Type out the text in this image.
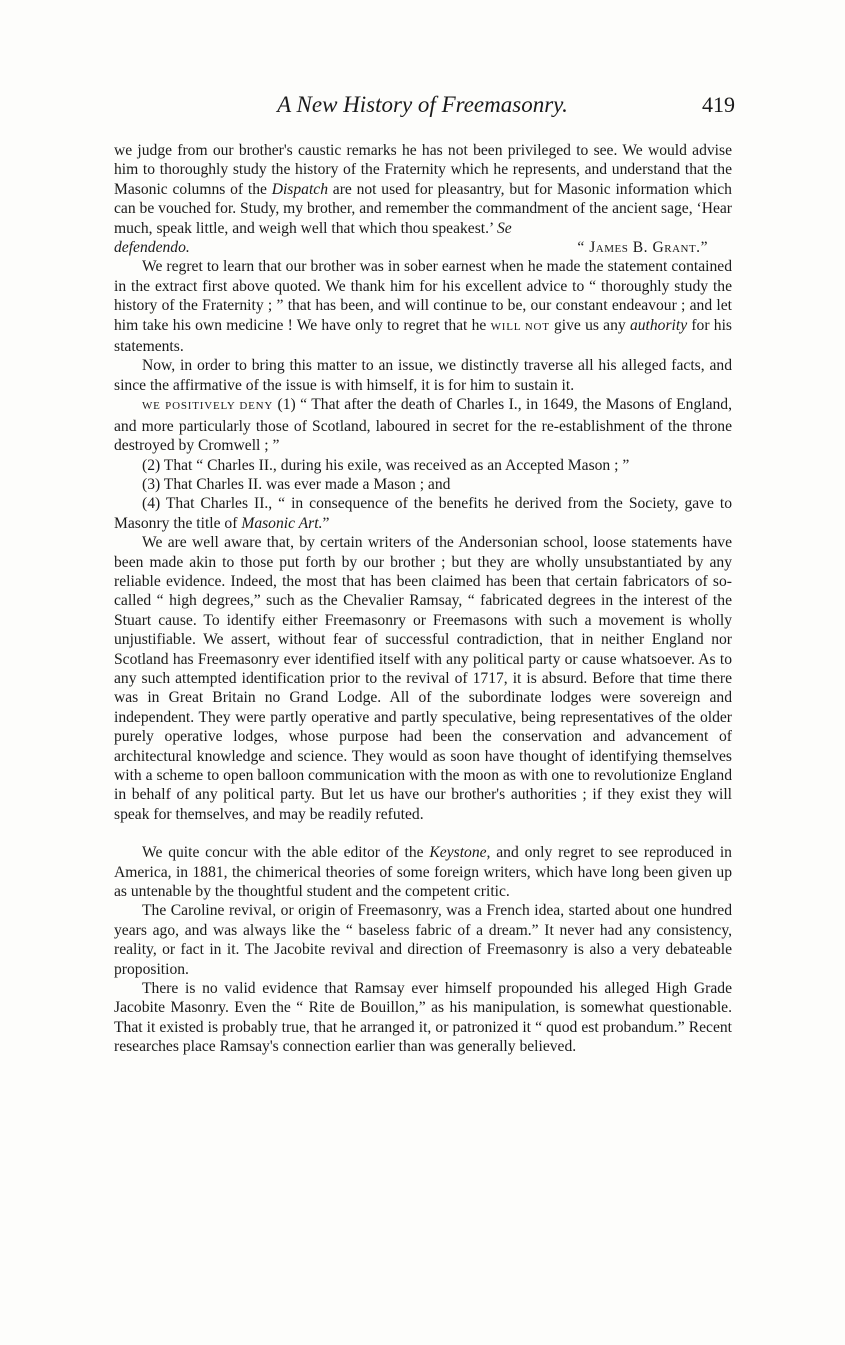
A New History of Freemasonry.	419

we judge from our brother's caustic remarks he has not been privileged to see. We would advise him to thoroughly study the history of the Fraternity which he represents, and understand that the Masonic columns of the Dispatch are not used for pleasantry, but for Masonic information which can be vouched for. Study, my brother, and remember the commandment of the ancient sage, ‘Hear much, speak little, and weigh well that which thou speakest.’ Se

defendendo.	“ James B. Grant.”

We regret to learn that our brother was in sober earnest when he made the statement contained in the extract first above quoted. We thank him for his excellent advice to “ thoroughly study the history of the Fraternity ; ” that has been, and will continue to be, our constant endeavour ; and let him take his own medicine ! We have only to regret that he WILL NOT give us any authority for his statements.

Now, in order to bring this matter to an issue, we distinctly traverse all his alleged facts, and since the affirmative of the issue is with himself, it is for him to sustain it.

WE POSITIVELY DENY (1) “ That after the death of Charles I., in 1649, the Masons of England, and more particularly those of Scotland, laboured in secret for the re-establishment of the throne destroyed by Cromwell ; ”

(2) That “ Charles II., during his exile, was received as an Accepted Mason ; ”

(3) That Charles II. was ever made a Mason ; and

(4) That Charles II., “ in consequence of the benefits he derived from the Society, gave to Masonry the title of Masonic Art.”

We are well aware that, by certain writers of the Andersonian school, loose statements have been made akin to those put forth by our brother ; but they are wholly unsubstantiated by any reliable evidence. Indeed, the most that has been claimed has been that certain fabricators of so-called “ high degrees,” such as the Chevalier Ramsay, “ fabricated degrees in the interest of the Stuart cause. To identify either Freemasonry or Freemasons with such a movement is wholly unjustifiable. We assert, without fear of successful contradiction, that in neither England nor Scotland has Freemasonry ever identified itself with any political party or cause whatsoever. As to any such attempted identification prior to the revival of 1717, it is absurd. Before that time there was in Great Britain no Grand Lodge. All of the subordinate lodges were sovereign and independent. They were partly operative and partly speculative, being representatives of the older purely operative lodges, whose purpose had been the conservation and advancement of architectural knowledge and science. They would as soon have thought of identifying themselves with a scheme to open balloon communication with the moon as with one to revolutionize England in behalf of any political party. But let us have our brother's authorities ; if they exist they will speak for themselves, and may be readily refuted.

We quite concur with the able editor of the Keystone, and only regret to see reproduced in America, in 1881, the chimerical theories of some foreign writers, which have long been given up as untenable by the thoughtful student and the competent critic.

The Caroline revival, or origin of Freemasonry, was a French idea, started about one hundred years ago, and was always like the “ baseless fabric of a dream.” It never had any consistency, reality, or fact in it. The Jacobite revival and direction of Freemasonry is also a very debateable proposition.

There is no valid evidence that Ramsay ever himself propounded his alleged High Grade Jacobite Masonry. Even the “ Rite de Bouillon,” as his manipulation, is somewhat questionable. That it existed is probably true, that he arranged it, or patronized it “ quod est probandum.” Recent researches place Ramsay's connection earlier than was generally believed.
